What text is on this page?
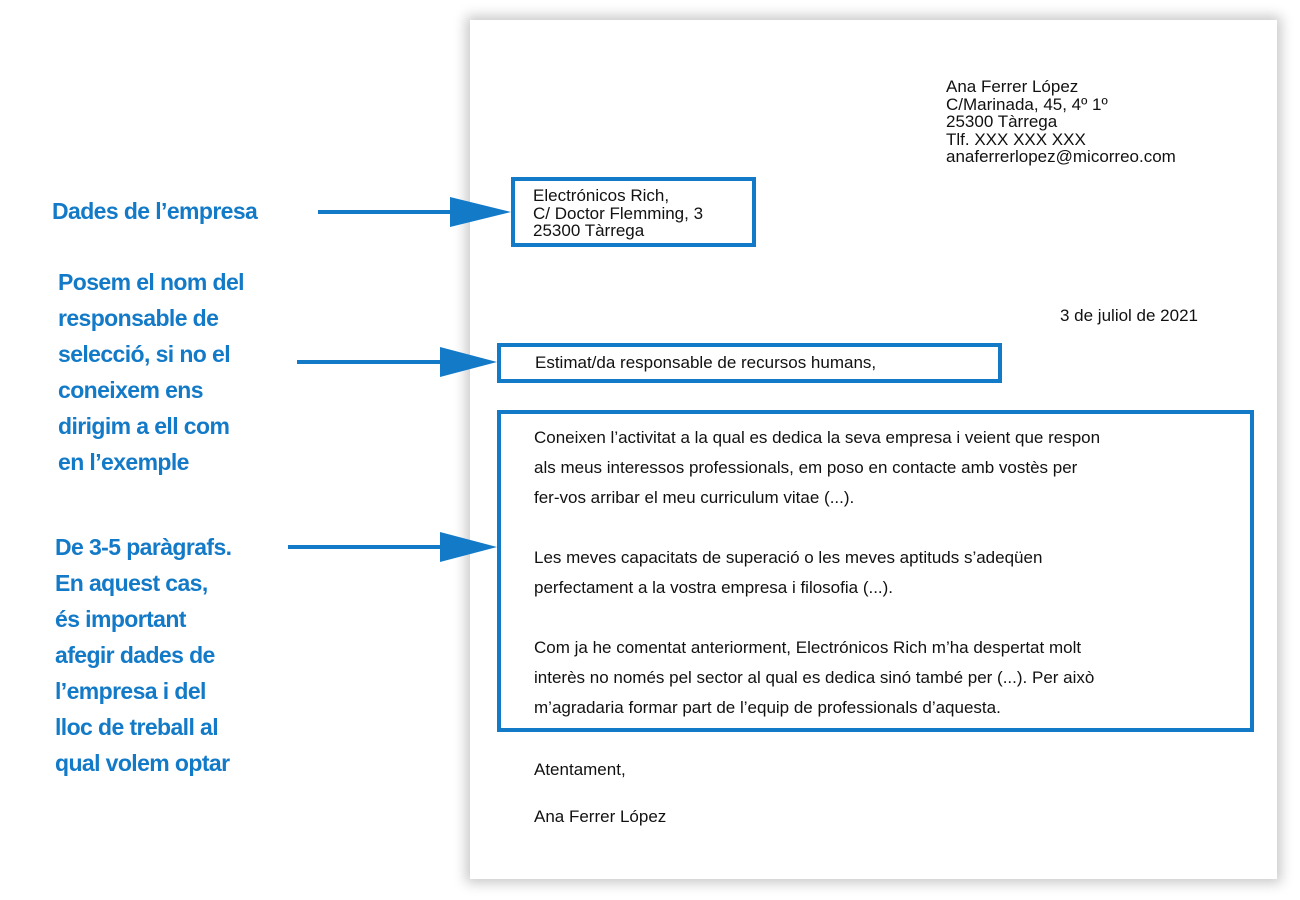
Dades de l’empresa
Posem el nom del
responsable de
selecció, si no el
coneixem ens
dirigim a ell com
en l’exemple
De 3-5 paràgrafs.
En aquest cas,
és important
afegir dades de
l’empresa i del
lloc de treball al
qual volem optar
Ana Ferrer López
C/Marinada, 45, 4º 1º
25300 Tàrrega
Tlf. XXX XXX XXX
anaferrerlopez@micorreo.com
Electrónicos Rich,
C/ Doctor Flemming, 3
25300 Tàrrega
3 de juliol de 2021
Estimat/da responsable de recursos humans,
Coneixen l’activitat a la qual es dedica la seva empresa i veient que respon
als meus interessos professionals, em poso en contacte amb vostès per
fer-vos arribar el meu curriculum vitae (...).
Les meves capacitats de superació o les meves aptituds s’adeqüen
perfectament a la vostra empresa i filosofia (...).
Com ja he comentat anteriorment, Electrónicos Rich m’ha despertat molt
interès no només pel sector al qual es dedica sinó també per (...). Per això
m’agradaria formar part de l’equip de professionals d’aquesta.
Atentament,
Ana Ferrer López
